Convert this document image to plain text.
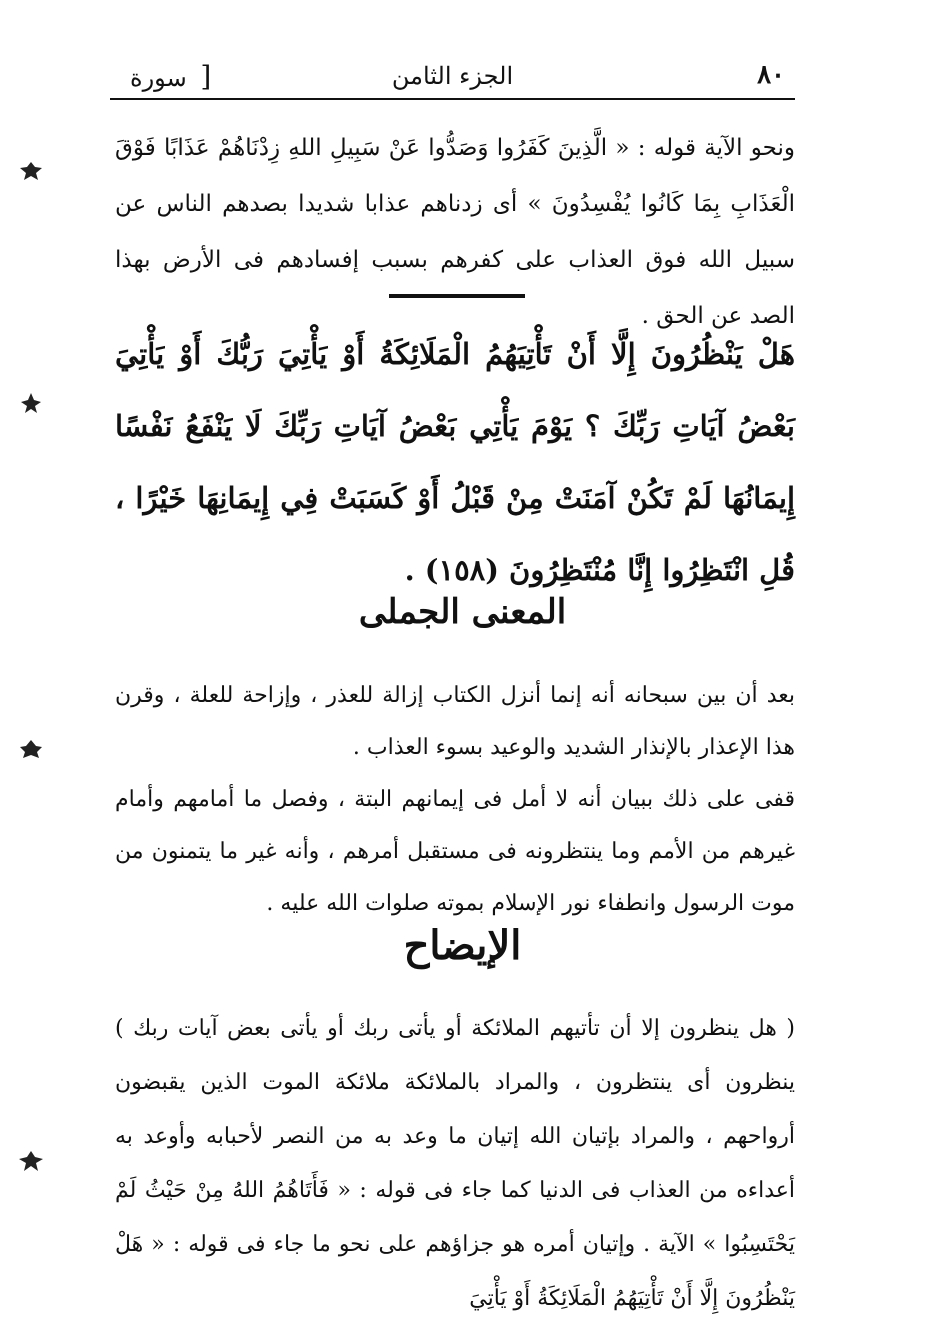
٨٠
الجزء الثامن
[ سورة
ونحو الآية قوله : « الَّذِينَ كَفَرُوا وَصَدُّوا عَنْ سَبِيلِ اللهِ زِدْنَاهُمْ عَذَابًا فَوْقَ الْعَذَابِ بِمَا كَانُوا يُفْسِدُونَ » أى زدناهم عذابا شديدا بصدهم الناس عن سبيل الله فوق العذاب على كفرهم بسبب إفسادهم فى الأرض بهذا الصد عن الحق .
هَلْ يَنْظُرُونَ إِلَّا أَنْ تَأْتِيَهُمُ الْمَلَائِكَةُ أَوْ يَأْتِيَ رَبُّكَ أَوْ يَأْتِيَ بَعْضُ آيَاتِ رَبِّكَ ؟ يَوْمَ يَأْتِي بَعْضُ آيَاتِ رَبِّكَ لَا يَنْفَعُ نَفْسًا إِيمَانُهَا لَمْ تَكُنْ آمَنَتْ مِنْ قَبْلُ أَوْ كَسَبَتْ فِي إِيمَانِهَا خَيْرًا ، قُلِ انْتَظِرُوا إِنَّا مُنْتَظِرُونَ (١٥٨) .
المعنى الجملى
بعد أن بين سبحانه أنه إنما أنزل الكتاب إزالة للعذر ، وإزاحة للعلة ، وقرن هذا الإعذار بالإنذار الشديد والوعيد بسوء العذاب .
قفى على ذلك ببيان أنه لا أمل فى إيمانهم البتة ، وفصل ما أمامهم وأمام غيرهم من الأمم وما ينتظرونه فى مستقبل أمرهم ، وأنه غير ما يتمنون من موت الرسول وانطفاء نور الإسلام بموته صلوات الله عليه .
الإيضاح
( هل ينظرون إلا أن تأتيهم الملائكة أو يأتى ربك أو يأتى بعض آيات ربك ) ينظرون أى ينتظرون ، والمراد بالملائكة ملائكة الموت الذين يقبضون أرواحهم ، والمراد بإتيان الله إتيان ما وعد به من النصر لأحبابه وأوعد به أعداءه من العذاب فى الدنيا كما جاء فى قوله : « فَأَتَاهُمُ اللهُ مِنْ حَيْثُ لَمْ يَحْتَسِبُوا » الآية . وإتيان أمره هو جزاؤهم على نحو ما جاء فى قوله : « هَلْ يَنْظُرُونَ إِلَّا أَنْ تَأْتِيَهُمُ الْمَلَائِكَةُ أَوْ يَأْتِيَ
